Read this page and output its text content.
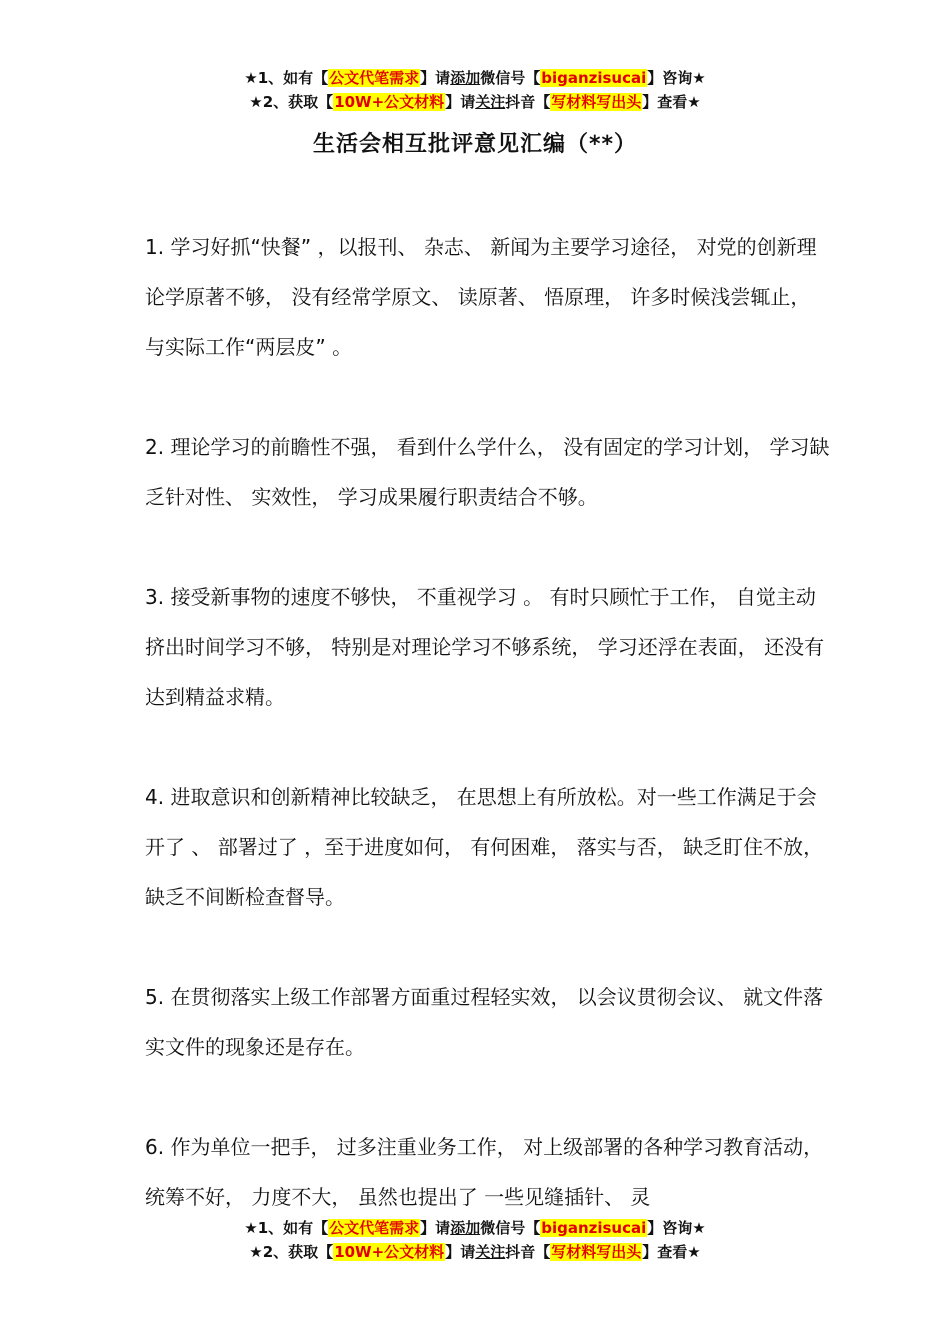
★1、如有【公文代笔需求】请添加微信号【biganzisucai】咨询★
★2、获取【10W+公文材料】请关注抖音【写材料写出头】查看★
生活会相互批评意见汇编（**）

1. 学习好抓“快餐” ，以报刊、 杂志、 新闻为主要学习途径， 对党的创新理论学原著不够， 没有经常学原文、 读原著、 悟原理， 许多时候浅尝辄止， 与实际工作“两层皮” 。

2. 理论学习的前瞻性不强， 看到什么学什么， 没有固定的学习计划， 学习缺乏针对性、 实效性， 学习成果履行职责结合不够。

3. 接受新事物的速度不够快， 不重视学习 。 有时只顾忙于工作， 自觉主动挤出时间学习不够， 特别是对理论学习不够系统， 学习还浮在表面， 还没有达到精益求精。

4. 进取意识和创新精神比较缺乏， 在思想上有所放松。对一些工作满足于会开了 、 部署过了 ，至于进度如何， 有何困难， 落实与否， 缺乏盯住不放， 缺乏不间断检查督导。

5. 在贯彻落实上级工作部署方面重过程轻实效， 以会议贯彻会议、 就文件落实文件的现象还是存在。

6. 作为单位一把手， 过多注重业务工作， 对上级部署的各种学习教育活动， 统筹不好， 力度不大， 虽然也提出了 一些见缝插针、 灵

★1、如有【公文代笔需求】请添加微信号【biganzisucai】咨询★
★2、获取【10W+公文材料】请关注抖音【写材料写出头】查看★
